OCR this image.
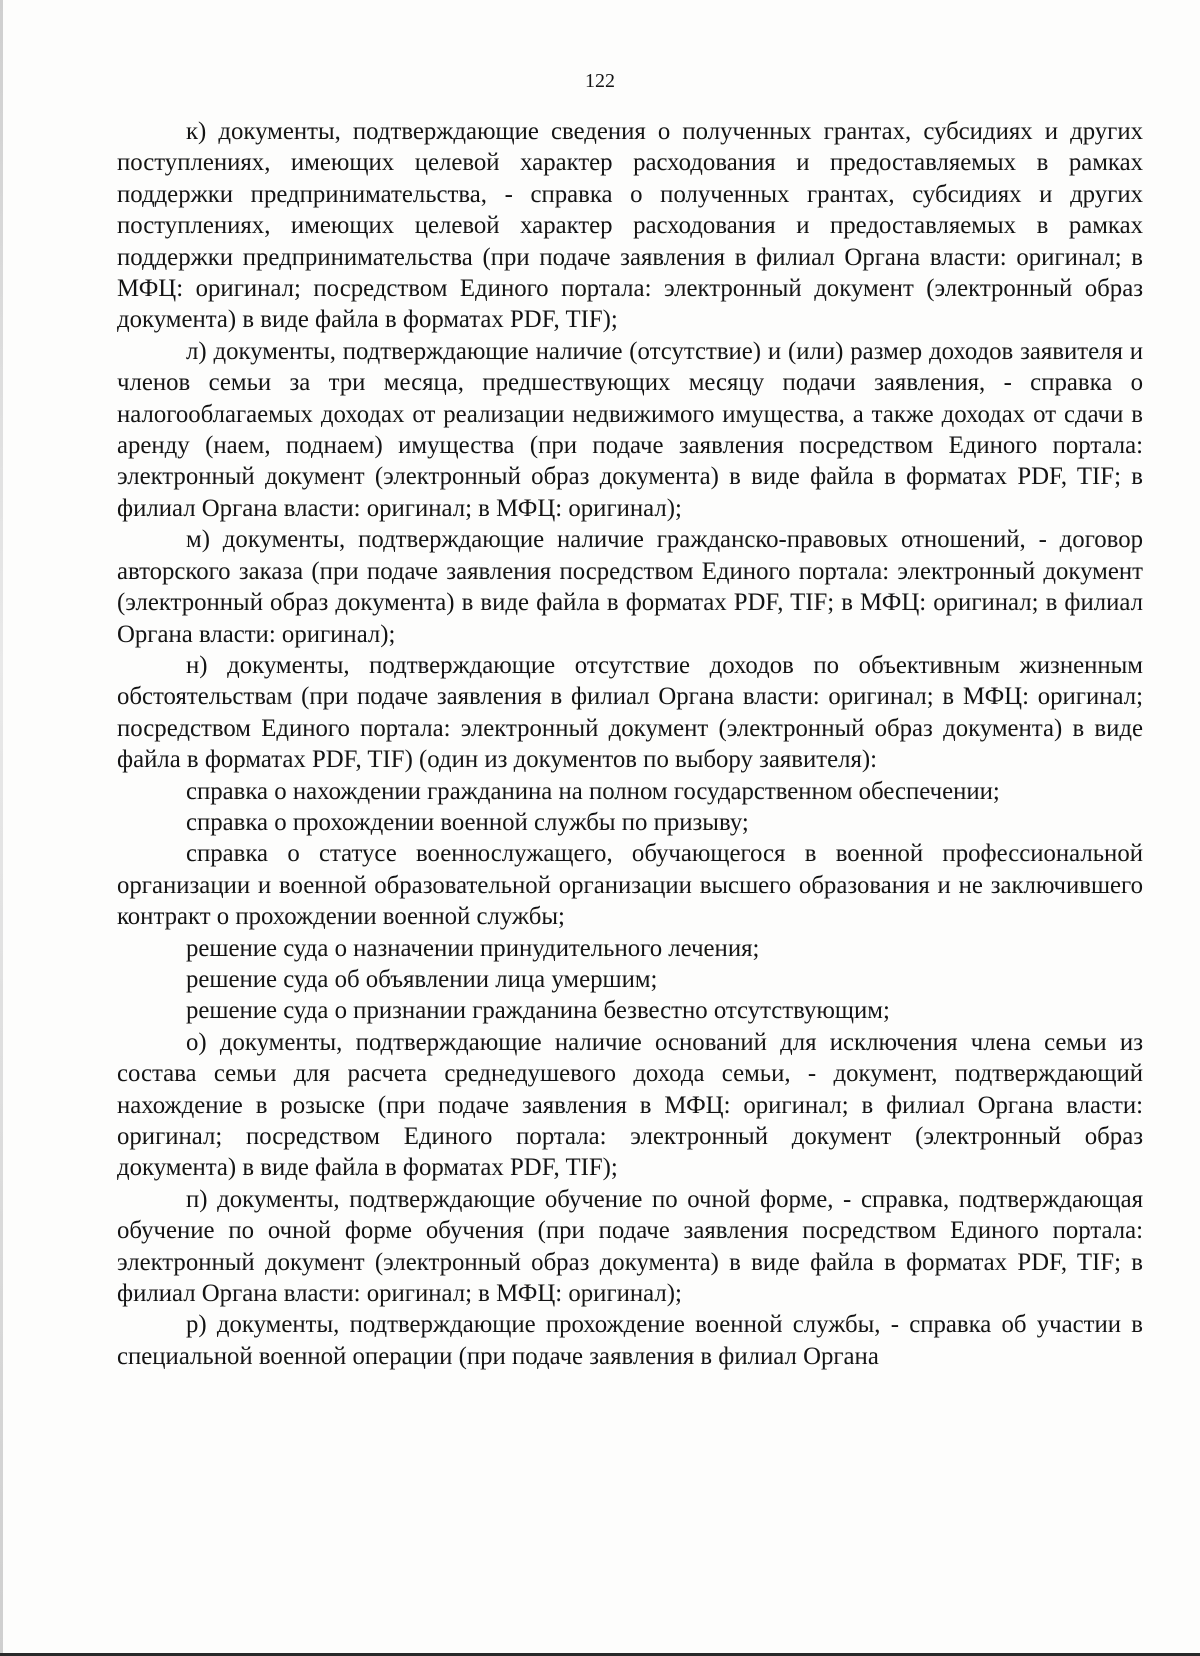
122

к) документы, подтверждающие сведения о полученных грантах, субсидиях и других поступлениях, имеющих целевой характер расходования и предоставляемых в рамках поддержки предпринимательства, - справка о полученных грантах, субсидиях и других поступлениях, имеющих целевой характер расходования и предоставляемых в рамках поддержки предпринимательства (при подаче заявления в филиал Органа власти: оригинал; в МФЦ: оригинал; посредством Единого портала: электронный документ (электронный образ документа) в виде файла в форматах PDF, TIF);

л) документы, подтверждающие наличие (отсутствие) и (или) размер доходов заявителя и членов семьи за три месяца, предшествующих месяцу подачи заявления, - справка о налогооблагаемых доходах от реализации недвижимого имущества, а также доходах от сдачи в аренду (наем, поднаем) имущества (при подаче заявления посредством Единого портала: электронный документ (электронный образ документа) в виде файла в форматах PDF, TIF; в филиал Органа власти: оригинал; в МФЦ: оригинал);

м) документы, подтверждающие наличие гражданско-правовых отношений, - договор авторского заказа (при подаче заявления посредством Единого портала: электронный документ (электронный образ документа) в виде файла в форматах PDF, TIF; в МФЦ: оригинал; в филиал Органа власти: оригинал);

н) документы, подтверждающие отсутствие доходов по объективным жизненным обстоятельствам (при подаче заявления в филиал Органа власти: оригинал; в МФЦ: оригинал; посредством Единого портала: электронный документ (электронный образ документа) в виде файла в форматах PDF, TIF) (один из документов по выбору заявителя):

справка о нахождении гражданина на полном государственном обеспечении;

справка о прохождении военной службы по призыву;

справка о статусе военнослужащего, обучающегося в военной профессиональной организации и военной образовательной организации высшего образования и не заключившего контракт о прохождении военной службы;

решение суда о назначении принудительного лечения;

решение суда об объявлении лица умершим;

решение суда о признании гражданина безвестно отсутствующим;

о) документы, подтверждающие наличие оснований для исключения члена семьи из состава семьи для расчета среднедушевого дохода семьи, - документ, подтверждающий нахождение в розыске (при подаче заявления в МФЦ: оригинал; в филиал Органа власти: оригинал; посредством Единого портала: электронный документ (электронный образ документа) в виде файла в форматах PDF, TIF);

п) документы, подтверждающие обучение по очной форме, - справка, подтверждающая обучение по очной форме обучения (при подаче заявления посредством Единого портала: электронный документ (электронный образ документа) в виде файла в форматах PDF, TIF; в филиал Органа власти: оригинал; в МФЦ: оригинал);

р) документы, подтверждающие прохождение военной службы, - справка об участии в специальной военной операции (при подаче заявления в филиал Органа
